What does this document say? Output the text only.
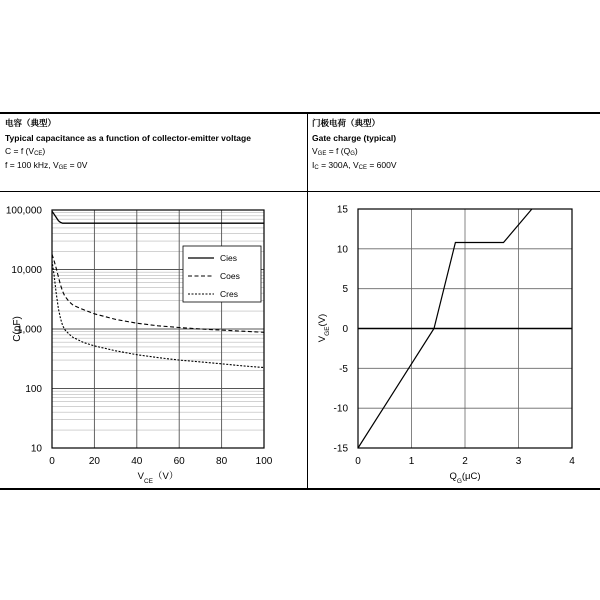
电容（典型）
Typical capacitance as a function of collector-emitter voltage
C = f $(V_{CE})$
f = 100 kHz, $V_{GE} = 0V$
门极电荷（典型）
Gate charge (typical)
$V_{GE} = f$ $(Q_G)$
$I_C = 300A$, $V_{CE} = 600V$
0	20	40	60	80	100
10
100
1,000
10,000
100,000
C(pF)
$V_{CE}(V)$
Cies
Coes
Cres
0	1	2	3	4
15
10
5
0
-5
-10
-15
$V_{GE}(V)$
$Q_G(\mu C)$
